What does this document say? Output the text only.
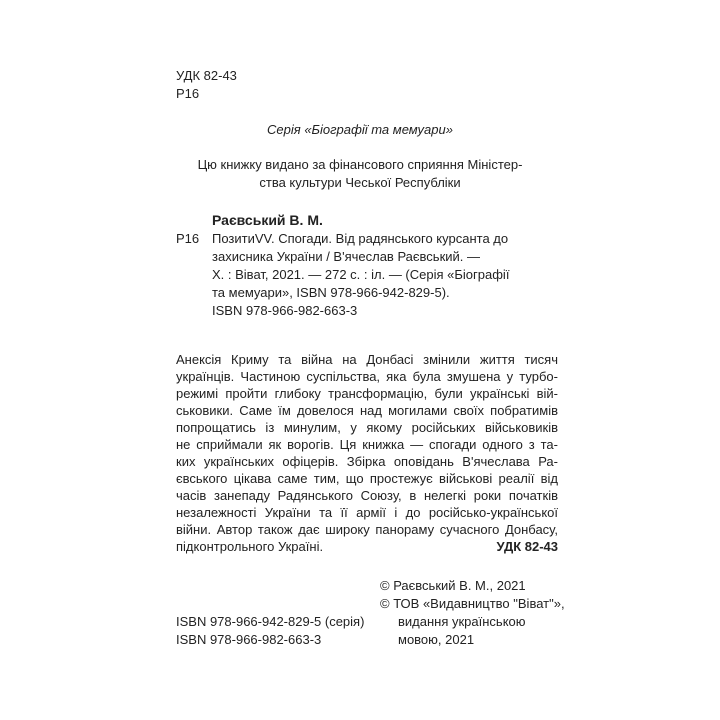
УДК 82-43
Р16
Серія «Біографії та мемуари»
Цю книжку видано за фінансового сприяння Міністер-
ства культури Чеської Республіки
Раєвський В. М.
Р16 ПозитиVV. Спогади. Від радянського курсанта до
захисника України / В'ячеслав Раєвський. —
Х. : Віват, 2021. — 272 с. : іл. — (Серія «Біографії
та мемуари», ISBN 978-966-942-829-5).
ISBN 978-966-982-663-3
Анексія Криму та війна на Донбасі змінили життя тисяч
українців. Частиною суспільства, яка була змушена у турбо-
режимі пройти глибоку трансформацію, були українські вій-
ськовики. Саме їм довелося над могилами своїх побратимів
попрощатись із минулим, у якому російських військовиків
не сприймали як ворогів. Ця книжка — спогади одного з та-
ких українських офіцерів. Збірка оповідань В'ячеслава Ра-
євського цікава саме тим, що простежує військові реалії від
часів занепаду Радянського Союзу, в нелегкі роки початків
незалежності України та її армії і до російсько-української
війни. Автор також дає широку панораму сучасного Донбасу,
підконтрольного Україні.	УДК 82-43
© Раєвський В. М., 2021
© ТОВ «Видавництво "Віват"»,
видання українською
мовою, 2021
ISBN 978-966-942-829-5 (серія)
ISBN 978-966-982-663-3
